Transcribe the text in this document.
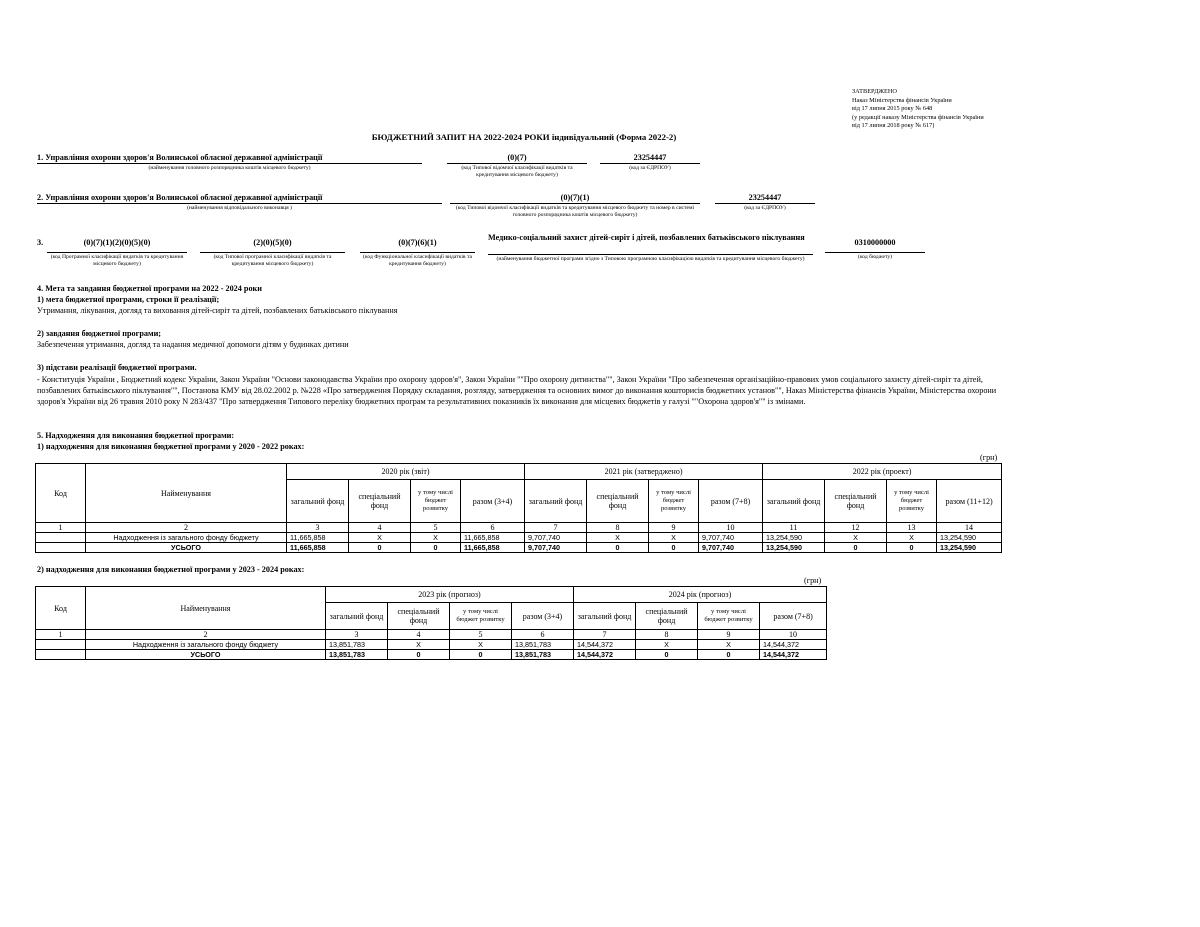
ЗАТВЕРДЖЕНО
Наказ Міністерства фінансів України
від 17 липня 2015 року № 648
(у редакції наказу Міністерства фінансів України
від 17 липня 2018 року № 617)
БЮДЖЕТНИЙ ЗАПИТ НА 2022-2024 РОКИ індивідуальний (Форма 2022-2)
1. Управління охорони здоров'я Волинської обласної державної адміністрації
(найменування головного розпорядника коштів місцевого бюджету)
(0)(7)
(код Типової відомчої класифікації видатків та кредитування місцевого бюджету)
23254447
(код за ЄДРПОУ)
2. Управління охорони здоров'я Волинської обласної державної адміністрації
(найменування відповідального виконавця )
(0)(7)(1)
(код Типової відомчої класифікації видатків та кредитування місцевого бюджету та номер в системі головного розпорядника коштів місцевого бюджету)
23254447
(код за ЄДРПОУ)
3.	(0)(7)(1)(2)(0)(5)(0)
(код Програмної класифікації видатків та кредитування місцевого бюджету)
(2)(0)(5)(0)
(код Типової програмної класифікації видатків та кредитування місцевого бюджету)
(0)(7)(6)(1)
(код Функціональної класифікації видатків та кредитування бюджету)
Медико-соціальний захист дітей-сиріт і дітей, позбавлених батьківського піклування
(найменування бюджетної програми згідно з Типовою програмною класифікацією видатків та кредитування місцевого бюджету)
0310000000
(код бюджету)
4. Мета та завдання бюджетної програми на 2022 - 2024 роки
1) мета бюджетної програми, строки її реалізації;
Утримання, лікування, догляд та виховання дітей-сиріт та дітей, позбавлених батьківського піклування
2) завдання бюджетної програми;
Забезпечення утримання, догляд та надання медичної допомоги дітям у будинках дитини
3) підстави реалізації бюджетної програми.
- Конституція України , Бюджетний кодекс України, Закон України "Основи законодавства України про охорону здоров'я", Закон України ""Про охорону дитинства"", Закон України "Про забезпечення організаційно-правових умов соціального захисту дітей-сиріт та дітей, позбавлених батьківського піклування"", Постанова КМУ від 28.02.2002 р. №228 «Про затвердження Порядку складання, розгляду, затвердження та основних вимог до виконання кошторисів бюджетних установ"", Наказ Міністерства фінансів України, Міністерства охорони здоров'я України від 26 травня 2010 року N 283/437 "Про затвердження Типового переліку бюджетних програм та результативних показників їх виконання для місцевих бюджетів у галузі ""Охорона здоров'я"" із змінами.
5. Надходження для виконання бюджетної програми:
1) надходження для виконання бюджетної програми у 2020 - 2022 роках:
(грн)
Код	Найменування	2020 рік (звіт)				2021 рік (затверджено)				2022 рік (проект)			
		загальний фонд	спеціальний фонд	у тому числі бюджет розвитку	разом (3+4)	загальний фонд	спеціальний фонд	у тому числі бюджет розвитку	разом (7+8)	загальний фонд	спеціальний фонд	у тому числі бюджет розвитку	разом (11+12)
1	2	3	4	5	6	7	8	9	10	11	12	13	14
	Надходження із загального фонду бюджету	11,665,858	X	X	11,665,858	9,707,740	X	X	9,707,740	13,254,590	X	X	13,254,590
	УСЬОГО	11,665,858	0	0	11,665,858	9,707,740	0	0	9,707,740	13,254,590	0	0	13,254,590
2) надходження для виконання бюджетної програми у 2023 - 2024 роках:
(грн)
Код	Найменування	2023 рік (прогноз)				2024 рік (прогноз)			
		загальний фонд	спеціальний фонд	у тому числі бюджет розвитку	разом (3+4)	загальний фонд	спеціальний фонд	у тому числі бюджет розвитку	разом (7+8)
1	2	3	4	5	6	7	8	9	10
	Надходження із загального фонду бюджету	13,851,783	X	X	13,851,783	14,544,372	X	X	14,544,372
	УСЬОГО	13,851,783	0	0	13,851,783	14,544,372	0	0	14,544,372
